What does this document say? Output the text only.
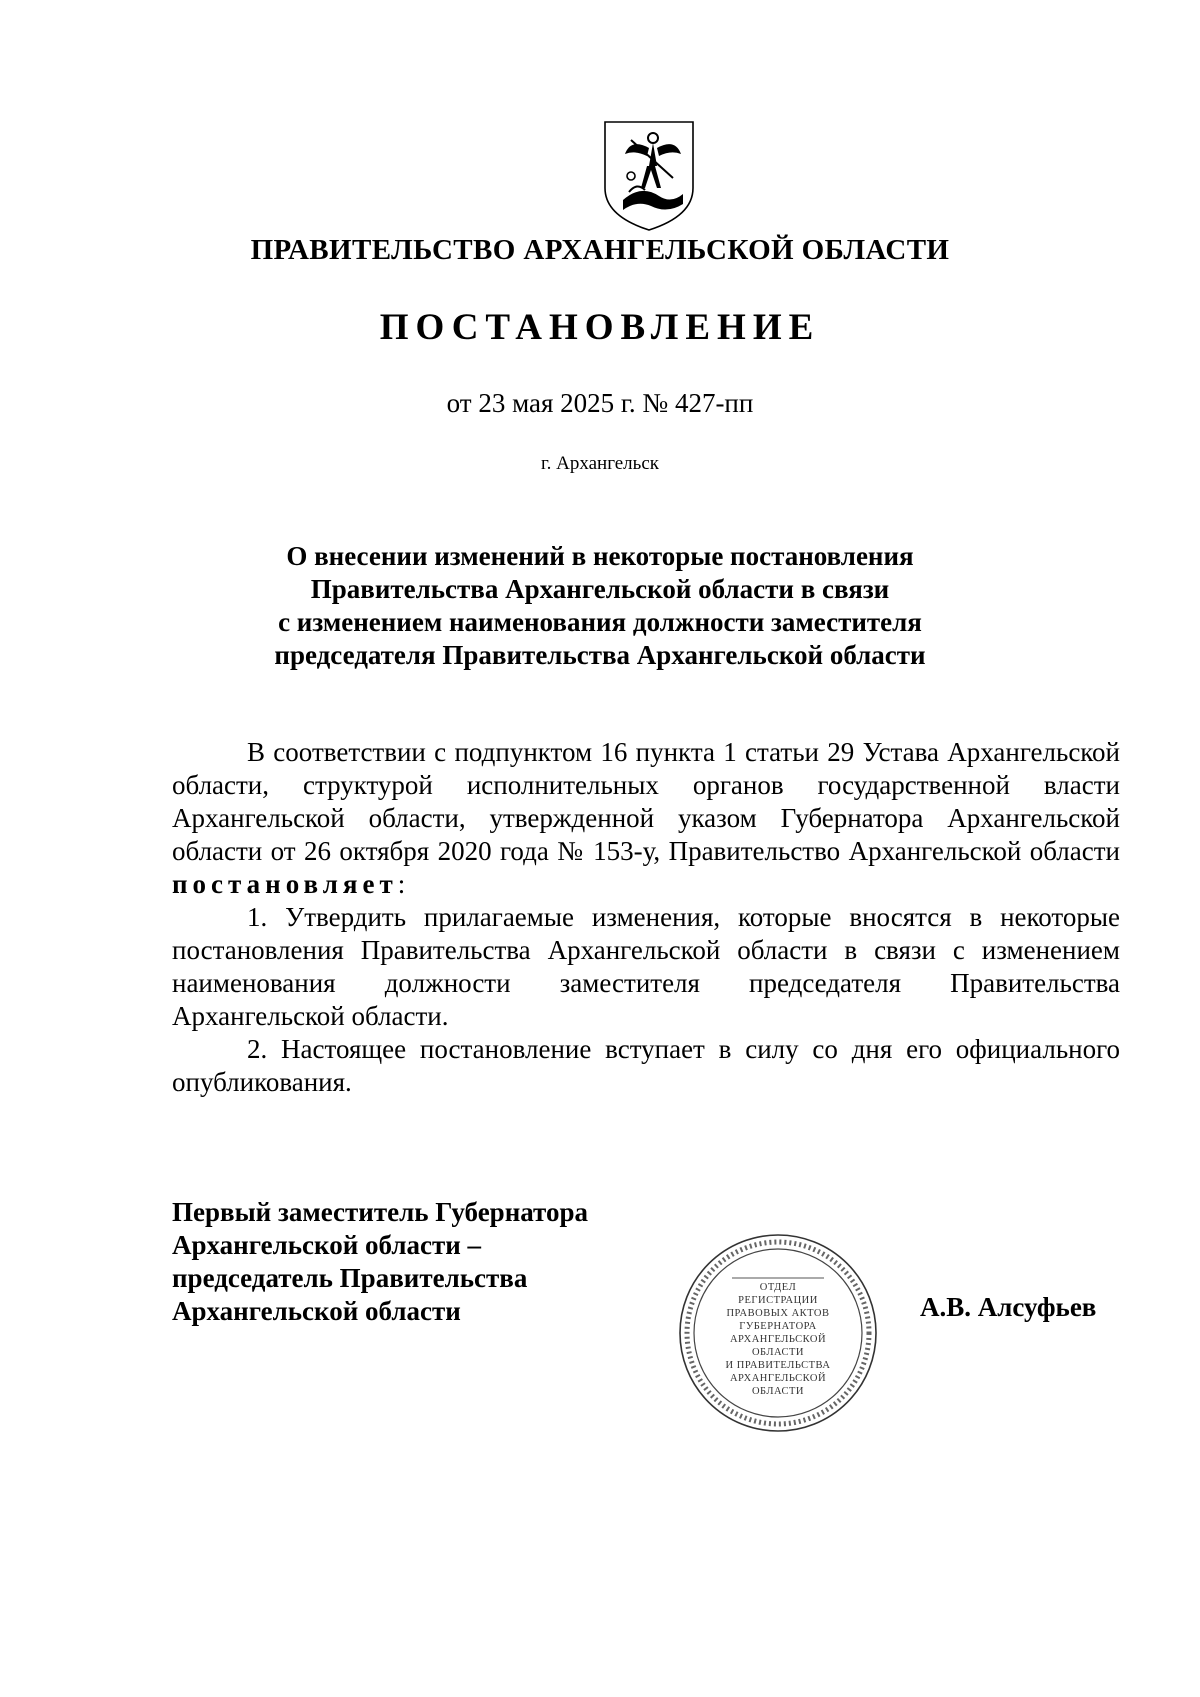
ПРАВИТЕЛЬСТВО АРХАНГЕЛЬСКОЙ ОБЛАСТИ
ПОСТАНОВЛЕНИЕ
от 23 мая 2025 г. № 427-пп
г. Архангельск
О внесении изменений в некоторые постановления
Правительства Архангельской области в связи
с изменением наименования должности заместителя
председателя Правительства Архангельской области

В соответствии с подпунктом 16 пункта 1 статьи 29 Устава Архангельской области, структурой исполнительных органов государственной власти Архангельской области, утвержденной указом Губернатора Архангельской области от 26 октября 2020 года № 153-у, Правительство Архангельской области постановляет:

1. Утвердить прилагаемые изменения, которые вносятся в некоторые постановления Правительства Архангельской области в связи с изменением наименования должности заместителя председателя Правительства Архангельской области.

2. Настоящее постановление вступает в силу со дня его официального опубликования.

Первый заместитель Губернатора
Архангельской области –
председатель Правительства
Архангельской области
ОТДЕЛ
РЕГИСТРАЦИИ
ПРАВОВЫХ АКТОВ
ГУБЕРНАТОРА
АРХАНГЕЛЬСКОЙ
ОБЛАСТИ
И ПРАВИТЕЛЬСТВА
АРХАНГЕЛЬСКОЙ
ОБЛАСТИ
А.В. Алсуфьев
